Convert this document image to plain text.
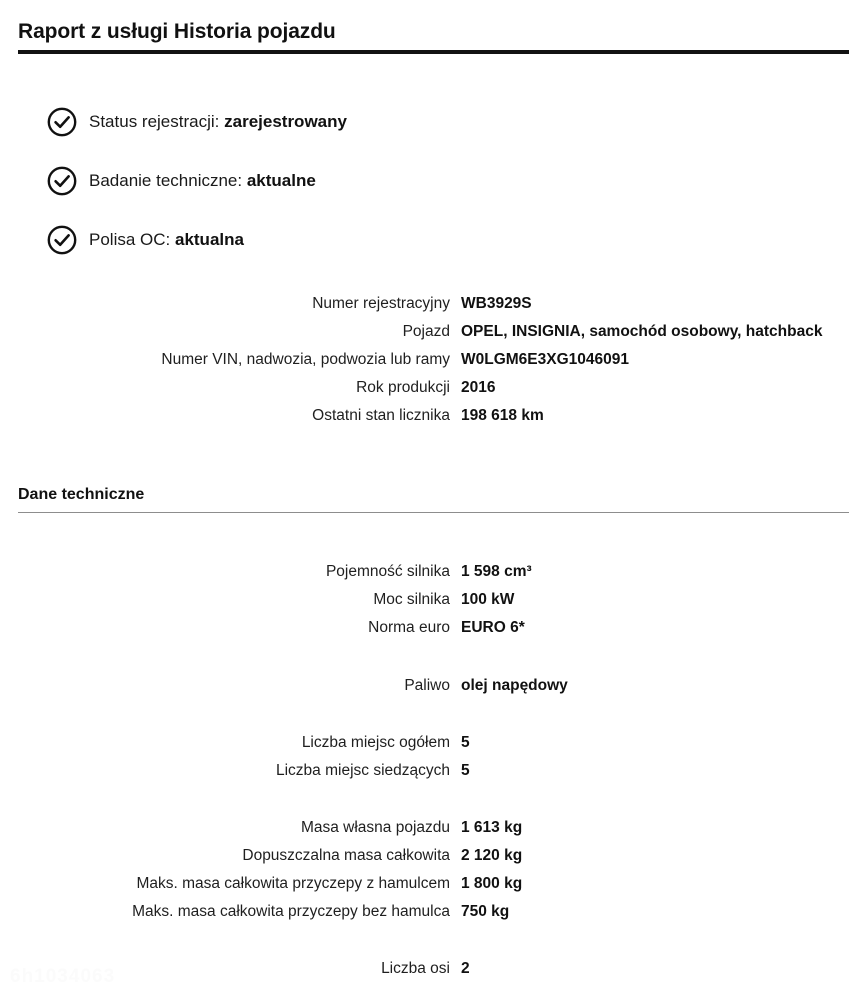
Raport z usługi Historia pojazdu
Status rejestracji: zarejestrowany
Badanie techniczne: aktualne
Polisa OC: aktualna
Numer rejestracyjny WB3929S
Pojazd OPEL, INSIGNIA, samochód osobowy, hatchback
Numer VIN, nadwozia, podwozia lub ramy W0LGM6E3XG1046091
Rok produkcji 2016
Ostatni stan licznika 198 618 km
Dane techniczne
Pojemność silnika 1 598 cm³
Moc silnika 100 kW
Norma euro EURO 6*
Paliwo olej napędowy
Liczba miejsc ogółem 5
Liczba miejsc siedzących 5
Masa własna pojazdu 1 613 kg
Dopuszczalna masa całkowita 2 120 kg
Maks. masa całkowita przyczepy z hamulcem 1 800 kg
Maks. masa całkowita przyczepy bez hamulca 750 kg
Liczba osi 2
6h1034063
